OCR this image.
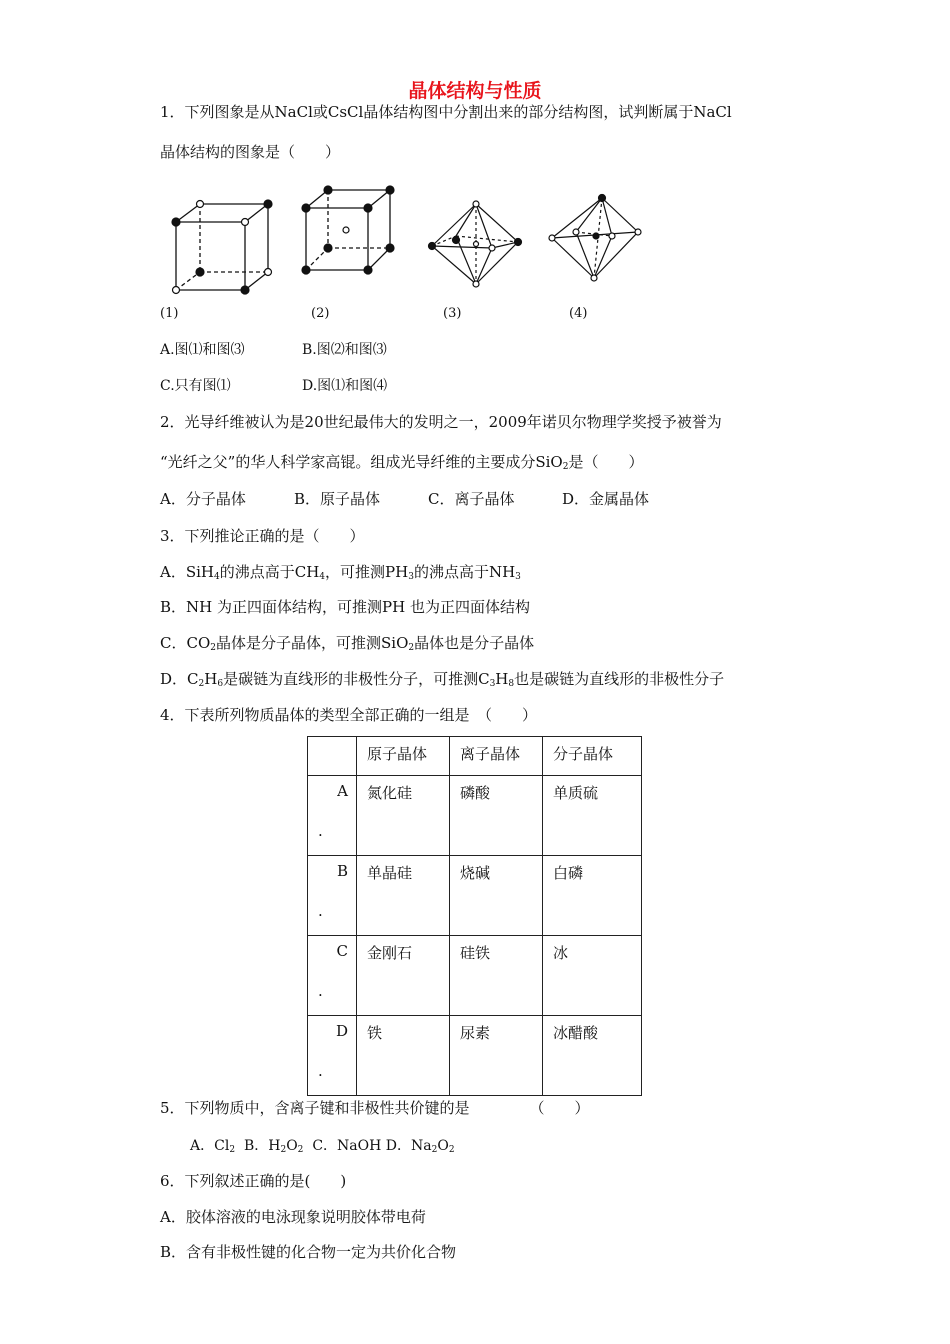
晶体结构与性质
1．下列图象是从NaCl或CsCl晶体结构图中分割出来的部分结构图，试判断属于NaCl
晶体结构的图象是（　　）
(1)	(2)	(3)	(4)
A.图⑴和图⑶	B.图⑵和图⑶
C.只有图⑴	D.图⑴和图⑷
2．光导纤维被认为是20世纪最伟大的发明之一，2009年诺贝尔物理学奖授予被誉为
“光纤之父”的华人科学家高锟。组成光导纤维的主要成分SiO$_2$是（　　）
A．分子晶体	B．原子晶体	C．离子晶体	D．金属晶体
3．下列推论正确的是（　　）
A．SiH$_4$的沸点高于$CH_4$，可推测$PH_3$的沸点高于$NH_3$
B．NH 为正四面体结构，可推测PH 也为正四面体结构
C．$CO_2$晶体是分子晶体，可推测SiO$_2$晶体也是分子晶体
D．$C_2H_6$是碳链为直线形的非极性分子，可推测$C_3H_8$也是碳链为直线形的非极性分子
4．下表所列物质晶体的类型全部正确的一组是　（　　）

	原子晶体	离子晶体	分子晶体

A
.	氮化硅	磷酸	单质硫

B
.	单晶硅	烧碱	白磷

C
.	金刚石	硅铁	冰

D
.	铁	尿素	冰醋酸
5．下列物质中，含离子键和非极性共价键的是	（　　）
A．$Cl_2$ B．$H_2O_2$ C．NaOH D．$Na_2O_2$
6．下列叙述正确的是(　　)
A．胶体溶液的电泳现象说明胶体带电荷
B．含有非极性键的化合物一定为共价化合物
